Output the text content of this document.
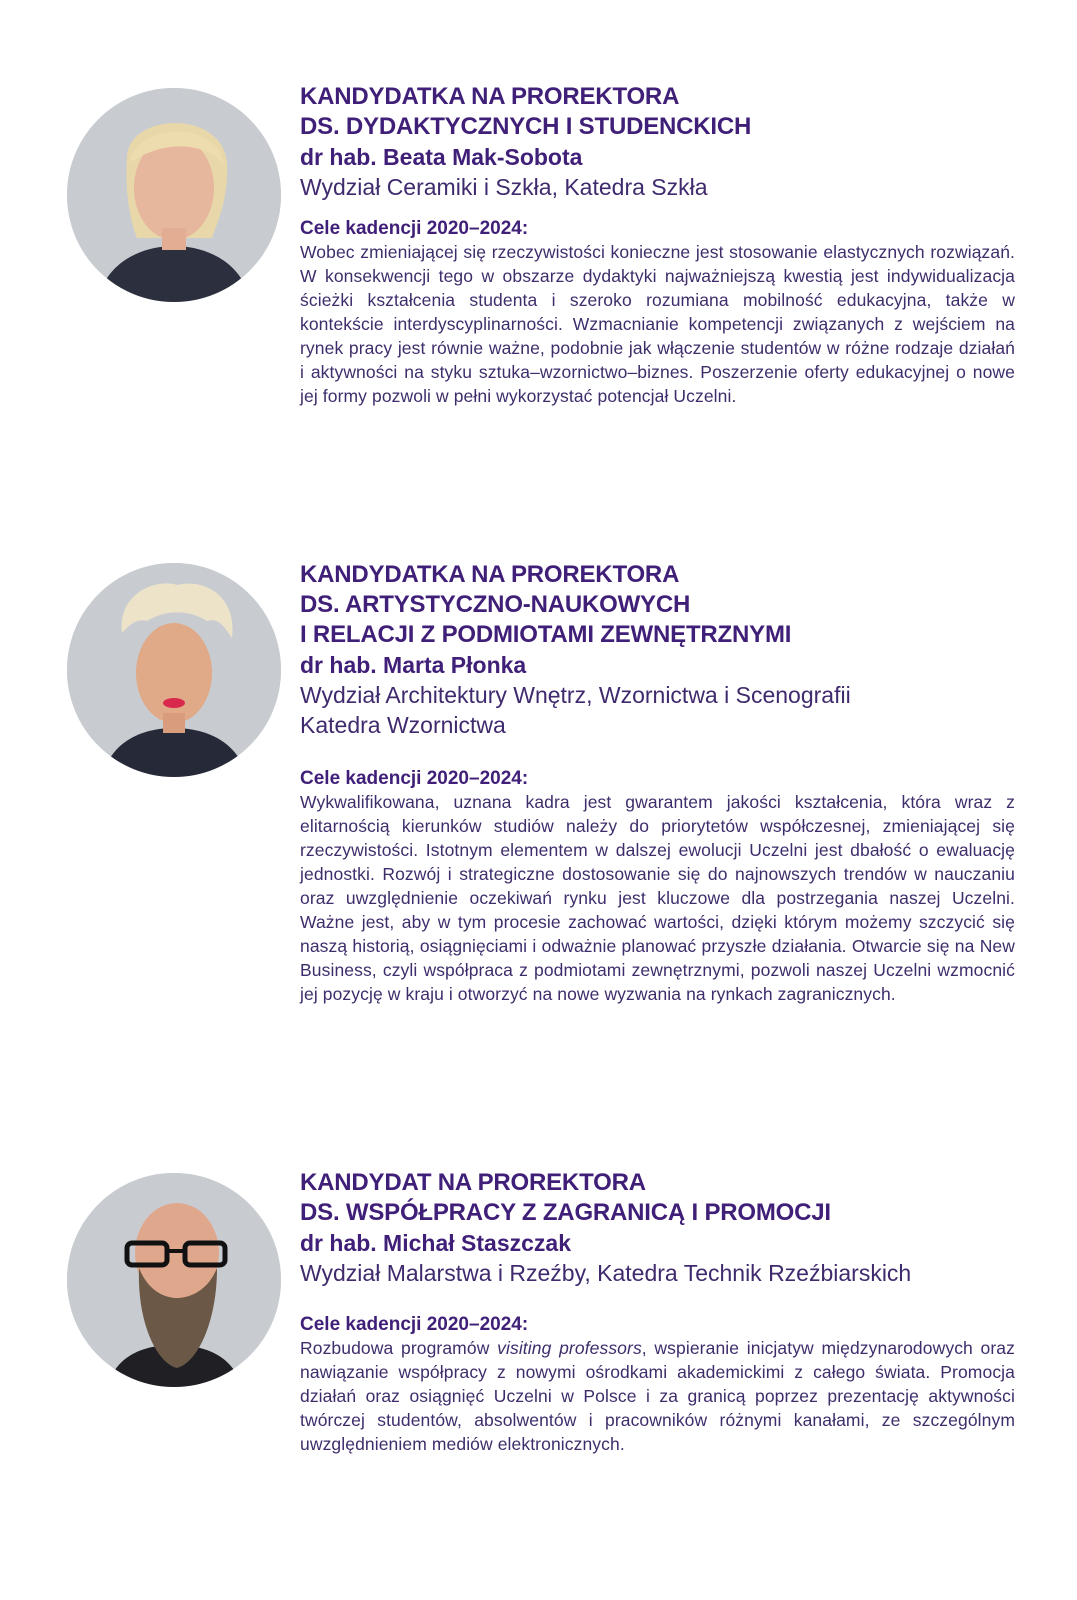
KANDYDATKA NA PROREKTORA

DS. DYDAKTYCZNYCH I STUDENCKICH

dr hab. Beata Mak-Sobota

Wydział Ceramiki i Szkła, Katedra Szkła

Cele kadencji 2020–2024:

Wobec zmieniającej się rzeczywistości konieczne jest stosowanie elastycznych rozwiązań. W konsekwencji tego w obszarze dydaktyki najważniejszą kwestią jest indywidualizacja ścieżki kształcenia studenta i szeroko rozumiana mobilność edukacyjna, także w kontekście interdyscyplinarności. Wzmacnianie kompetencji związanych z wejściem na rynek pracy jest równie ważne, podobnie jak włączenie studentów w różne rodzaje działań i aktywności na styku sztuka–wzornictwo–biznes. Poszerzenie oferty edukacyjnej o nowe jej formy pozwoli w pełni wykorzystać potencjał Uczelni.

KANDYDATKA NA PROREKTORA

DS. ARTYSTYCZNO-NAUKOWYCH

I RELACJI Z PODMIOTAMI ZEWNĘTRZNYMI

dr hab. Marta Płonka

Wydział Architektury Wnętrz, Wzornictwa i Scenografii

Katedra Wzornictwa

Cele kadencji 2020–2024:

Wykwalifikowana, uznana kadra jest gwarantem jakości kształcenia, która wraz z elitarnością kierunków studiów należy do priorytetów współczesnej, zmieniającej się rzeczywistości. Istotnym elementem w dalszej ewolucji Uczelni jest dbałość o ewaluację jednostki. Rozwój i strategiczne dostosowanie się do najnowszych trendów w nauczaniu oraz uwzględnienie oczekiwań rynku jest kluczowe dla postrzegania naszej Uczelni. Ważne jest, aby w tym procesie zachować wartości, dzięki którym możemy szczycić się naszą historią, osiągnięciami i odważnie planować przyszłe działania. Otwarcie się na New Business, czyli współpraca z podmiotami zewnętrznymi, pozwoli naszej Uczelni wzmocnić jej pozycję w kraju i otworzyć na nowe wyzwania na rynkach zagranicznych.

KANDYDAT NA PROREKTORA

DS. WSPÓŁPRACY Z ZAGRANICĄ I PROMOCJI

dr hab. Michał Staszczak

Wydział Malarstwa i Rzeźby, Katedra Technik Rzeźbiarskich

Cele kadencji 2020–2024:

Rozbudowa programów visiting professors, wspieranie inicjatyw międzynarodowych oraz nawiązanie współpracy z nowymi ośrodkami akademickimi z całego świata. Promocja działań oraz osiągnięć Uczelni w Polsce i za granicą poprzez prezentację aktywności twórczej studentów, absolwentów i pracowników różnymi kanałami, ze szczególnym uwzględnieniem mediów elektronicznych.
